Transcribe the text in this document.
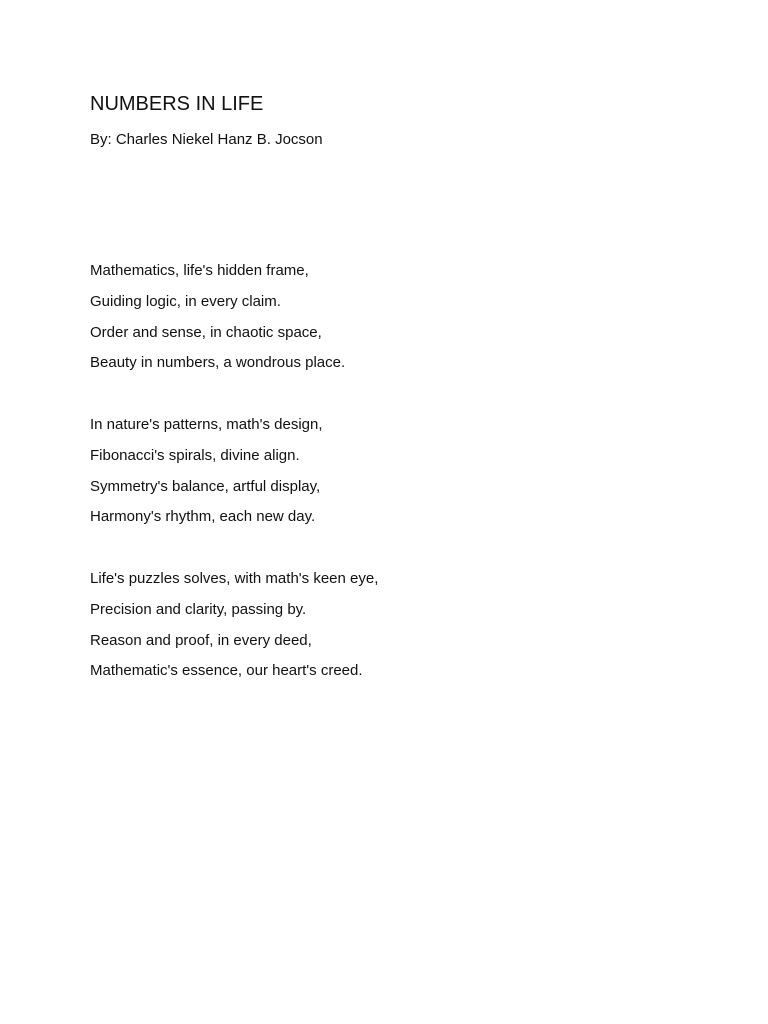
NUMBERS IN LIFE
By: Charles Niekel Hanz B. Jocson
Mathematics, life's hidden frame,
Guiding logic, in every claim.
Order and sense, in chaotic space,
Beauty in numbers, a wondrous place.
In nature's patterns, math's design,
Fibonacci's spirals, divine align.
Symmetry's balance, artful display,
Harmony's rhythm, each new day.
Life's puzzles solves, with math's keen eye,
Precision and clarity, passing by.
Reason and proof, in every deed,
Mathematic's essence, our heart's creed.
